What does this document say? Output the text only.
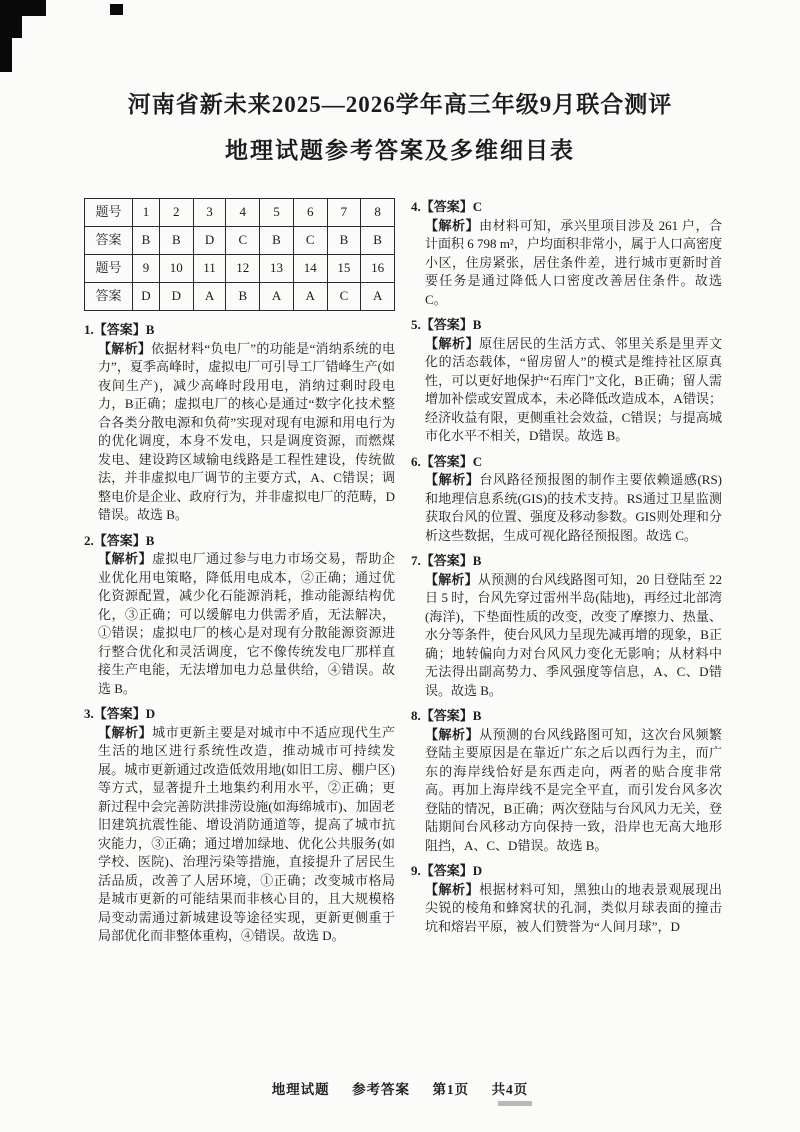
河南省新未来2025—2026学年高三年级9月联合测评
地理试题参考答案及多维细目表
题号	1	2	3	4	5	6	7	8
答案	B	B	D	C	B	C	B	B
题号	9	10	11	12	13	14	15	16
答案	D	D	A	B	A	A	C	A
1.【答案】B
【解析】依据材料“负电厂”的功能是“消纳系统的电力”，夏季高峰时，虚拟电厂可引导工厂错峰生产(如夜间生产)，减少高峰时段用电，消纳过剩时段电力，B正确；虚拟电厂的核心是通过“数字化技术整合各类分散电源和负荷”实现对现有电源和用电行为的优化调度，本身不发电，只是调度资源，而燃煤发电、建设跨区域输电线路是工程性建设，传统做法，并非虚拟电厂调节的主要方式，A、C错误；调整电价是企业、政府行为，并非虚拟电厂的范畴，D错误。故选 B。
2.【答案】B
【解析】虚拟电厂通过参与电力市场交易，帮助企业优化用电策略，降低用电成本，②正确；通过优化资源配置，减少化石能源消耗，推动能源结构优化，③正确；可以缓解电力供需矛盾，无法解决，①错误；虚拟电厂的核心是对现有分散能源资源进行整合优化和灵活调度，它不像传统发电厂那样直接生产电能，无法增加电力总量供给，④错误。故选 B。
3.【答案】D
【解析】城市更新主要是对城市中不适应现代生产生活的地区进行系统性改造，推动城市可持续发展。城市更新通过改造低效用地(如旧工房、棚户区)等方式，显著提升土地集约利用水平，②正确；更新过程中会完善防洪排涝设施(如海绵城市)、加固老旧建筑抗震性能、增设消防通道等，提高了城市抗灾能力，③正确；通过增加绿地、优化公共服务(如学校、医院)、治理污染等措施，直接提升了居民生活品质，改善了人居环境，①正确；改变城市格局是城市更新的可能结果而非核心目的，且大规模格局变动需通过新城建设等途径实现，更新更侧重于局部优化而非整体重构，④错误。故选 D。
4.【答案】C
【解析】由材料可知，承兴里项目涉及 261 户，合计面积 6 798 m²，户均面积非常小，属于人口高密度小区，住房紧张，居住条件差，进行城市更新时首要任务是通过降低人口密度改善居住条件。故选 C。
5.【答案】B
【解析】原住居民的生活方式、邻里关系是里弄文化的活态载体，“留房留人”的模式是维持社区原真性，可以更好地保护“石库门”文化，B正确；留人需增加补偿或安置成本，未必降低改造成本，A错误；经济收益有限，更侧重社会效益，C错误；与提高城市化水平不相关，D错误。故选 B。
6.【答案】C
【解析】台风路径预报图的制作主要依赖遥感(RS)和地理信息系统(GIS)的技术支持。RS通过卫星监测获取台风的位置、强度及移动参数。GIS则处理和分析这些数据，生成可视化路径预报图。故选 C。
7.【答案】B
【解析】从预测的台风线路图可知，20 日登陆至 22 日 5 时，台风先穿过雷州半岛(陆地)，再经过北部湾(海洋)，下垫面性质的改变，改变了摩擦力、热量、水分等条件，使台风风力呈现先减再增的现象，B正确；地转偏向力对台风风力变化无影响；从材料中无法得出副高势力、季风强度等信息，A、C、D错误。故选 B。
8.【答案】B
【解析】从预测的台风线路图可知，这次台风频繁登陆主要原因是在靠近广东之后以西行为主，而广东的海岸线恰好是东西走向，两者的贴合度非常高。再加上海岸线不是完全平直，而引发台风多次登陆的情况，B正确；两次登陆与台风风力无关，登陆期间台风移动方向保持一致，沿岸也无高大地形阻挡，A、C、D错误。故选 B。
9.【答案】D
【解析】根据材料可知，黑独山的地表景观展现出尖锐的棱角和蜂窝状的孔洞，类似月球表面的撞击坑和熔岩平原，被人们赞誉为“人间月球”，D
地理试题 参考答案 第1页 共4页
